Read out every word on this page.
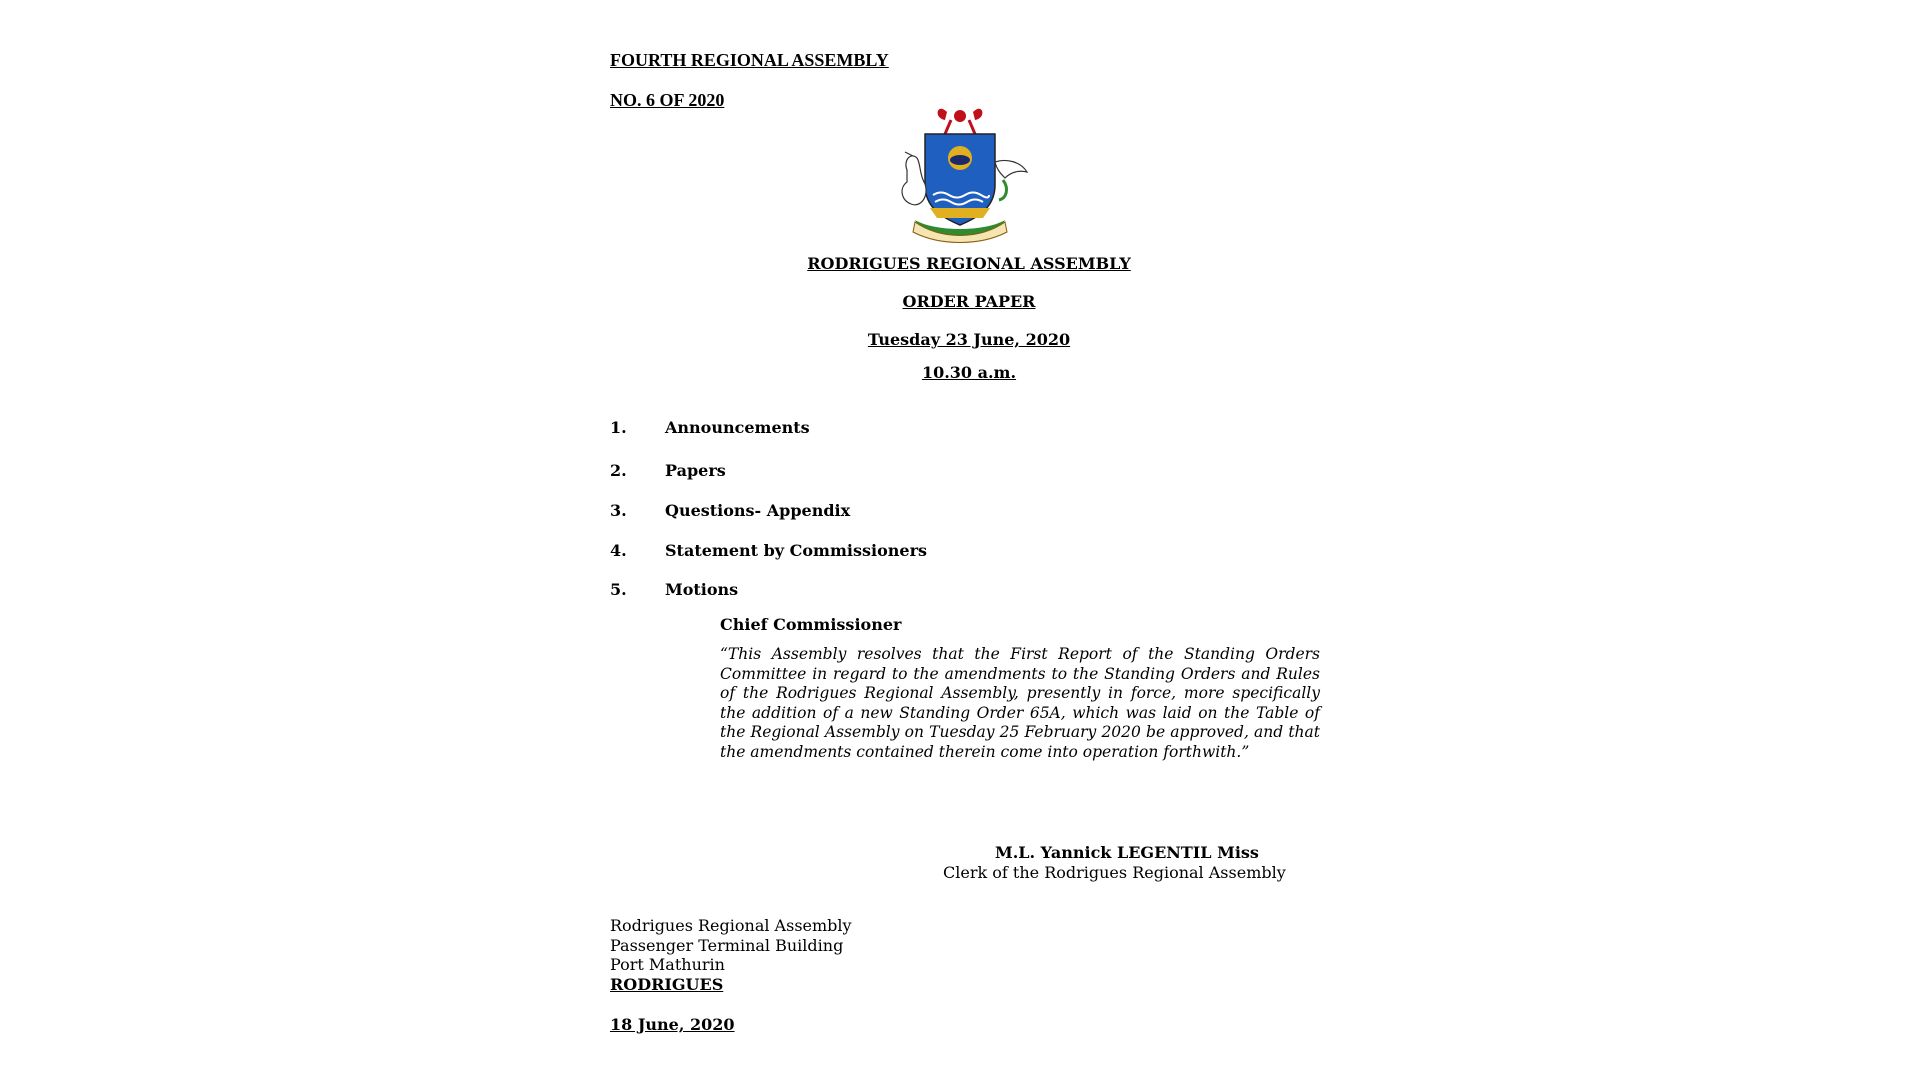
FOURTH REGIONAL ASSEMBLY
NO. 6 OF 2020
RODRIGUES REGIONAL ASSEMBLY
ORDER PAPER
Tuesday 23 June, 2020
10.30 a.m.
1. Announcements
2. Papers
3. Questions- Appendix
4. Statement by Commissioners
5. Motions
Chief Commissioner
“This Assembly resolves that the First Report of the Standing Orders Committee in regard to the amendments to the Standing Orders and Rules of the Rodrigues Regional Assembly, presently in force, more specifically the addition of a new Standing Order 65A, which was laid on the Table of the Regional Assembly on Tuesday 25 February 2020 be approved, and that the amendments contained therein come into operation forthwith.”
M.L. Yannick LEGENTIL Miss
Clerk of the Rodrigues Regional Assembly
Rodrigues Regional Assembly
Passenger Terminal Building
Port Mathurin
RODRIGUES
18 June, 2020
